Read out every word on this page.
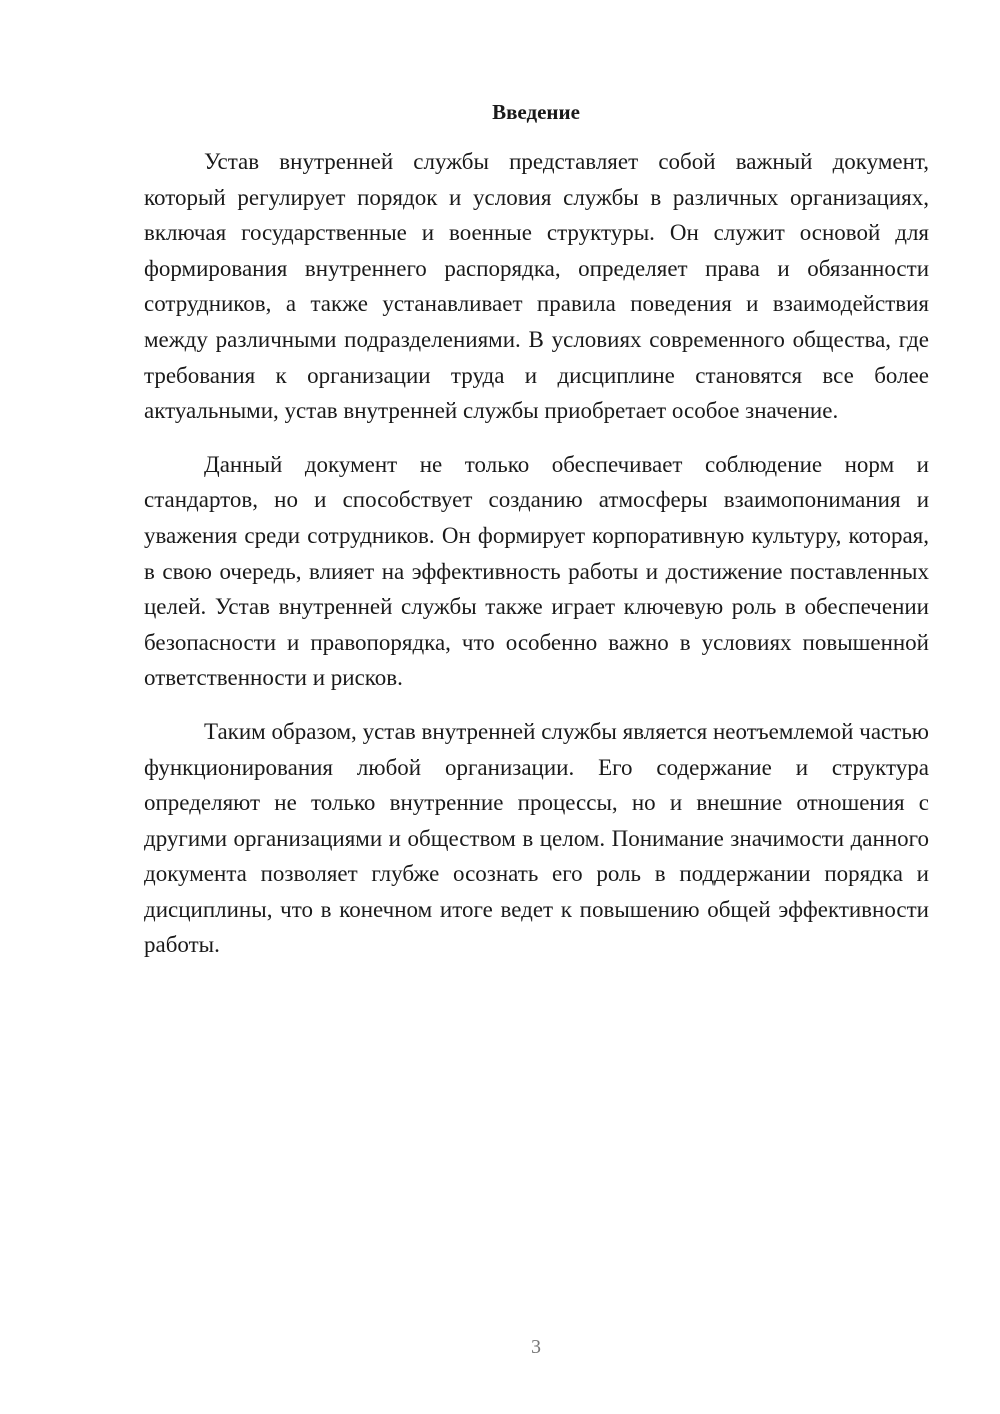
Введение

Устав внутренней службы представляет собой важный документ, который регулирует порядок и условия службы в различных организациях, включая государственные и военные структуры. Он служит основой для формирования внутреннего распорядка, определяет права и обязанности сотрудников, а также устанавливает правила поведения и взаимодействия между различными подразделениями. В условиях современного общества, где требования к организации труда и дисциплине становятся все более актуальными, устав внутренней службы приобретает особое значение.

Данный документ не только обеспечивает соблюдение норм и стандартов, но и способствует созданию атмосферы взаимопонимания и уважения среди сотрудников. Он формирует корпоративную культуру, которая, в свою очередь, влияет на эффективность работы и достижение поставленных целей. Устав внутренней службы также играет ключевую роль в обеспечении безопасности и правопорядка, что особенно важно в условиях повышенной ответственности и рисков.

Таким образом, устав внутренней службы является неотъемлемой частью функционирования любой организации. Его содержание и структура определяют не только внутренние процессы, но и внешние отношения с другими организациями и обществом в целом. Понимание значимости данного документа позволяет глубже осознать его роль в поддержании порядка и дисциплины, что в конечном итоге ведет к повышению общей эффективности работы.

3
